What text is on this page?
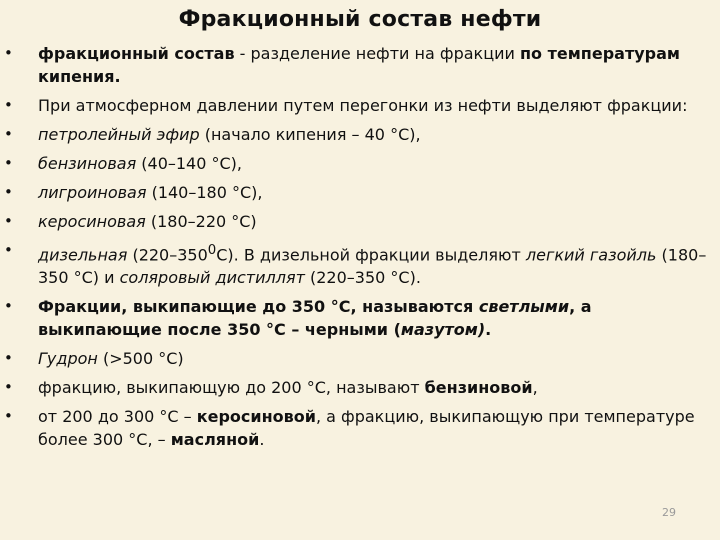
Фракционный состав нефти
• фракционный состав - разделение нефти на фракции по температурам кипения.
• При атмосферном давлении путем перегонки из нефти выделяют фракции:
• петролейный эфир (начало кипения – 40 °С),
• бензиновая (40–140 °С),
• лигроиновая (140–180 °С),
• керосиновая (180–220 °С)
• дизельная $(220-350^0С)$. В дизельной фракции выделяют легкий газойль (180–350 °С) и соляровый дистиллят (220–350 °С).
• Фракции, выкипающие до 350 °С, называются светлыми, а выкипающие после 350 °С – черными (мазутом).
• Гудрон (>500 °С)
• фракцию, выкипающую до 200 °С, называют бензиновой,
• от 200 до 300 °С – керосиновой, а фракцию, выкипающую при температуре более 300 °С, – масляной.
29
